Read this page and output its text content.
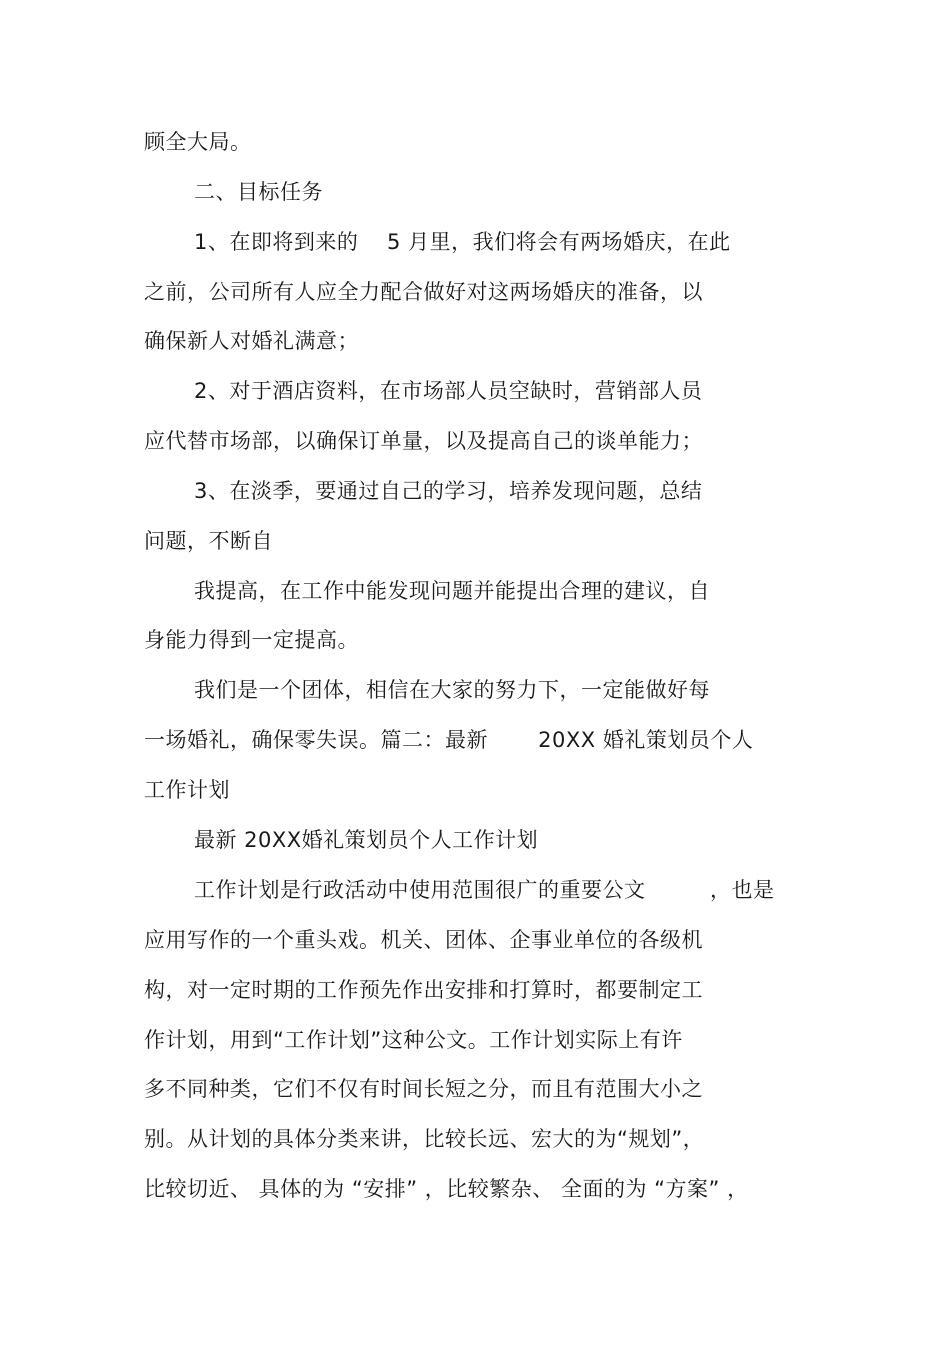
顾全大局。
二、目标任务
1、在即将到来的　 5 月里，我们将会有两场婚庆，在此
之前，公司所有人应全力配合做好对这两场婚庆的准备，以
确保新人对婚礼满意；
2、对于酒店资料，在市场部人员空缺时，营销部人员
应代替市场部，以确保订单量，以及提高自己的谈单能力；
3、在淡季，要通过自己的学习，培养发现问题，总结
问题，不断自
我提高，在工作中能发现问题并能提出合理的建议，自
身能力得到一定提高。
我们是一个团体，相信在大家的努力下，一定能做好每
一场婚礼，确保零失误。篇二：最新　　 20XX 婚礼策划员个人
工作计划
最新 20XX婚礼策划员个人工作计划
工作计划是行政活动中使用范围很广的重要公文　　　，也是
应用写作的一个重头戏。机关、团体、企事业单位的各级机
构，对一定时期的工作预先作出安排和打算时，都要制定工
作计划，用到“工作计划”这种公文。工作计划实际上有许
多不同种类，它们不仅有时间长短之分，而且有范围大小之
别。从计划的具体分类来讲，比较长远、宏大的为“规划”，
比较切近、 具体的为 “安排” ，比较繁杂、 全面的为 “方案” ，
